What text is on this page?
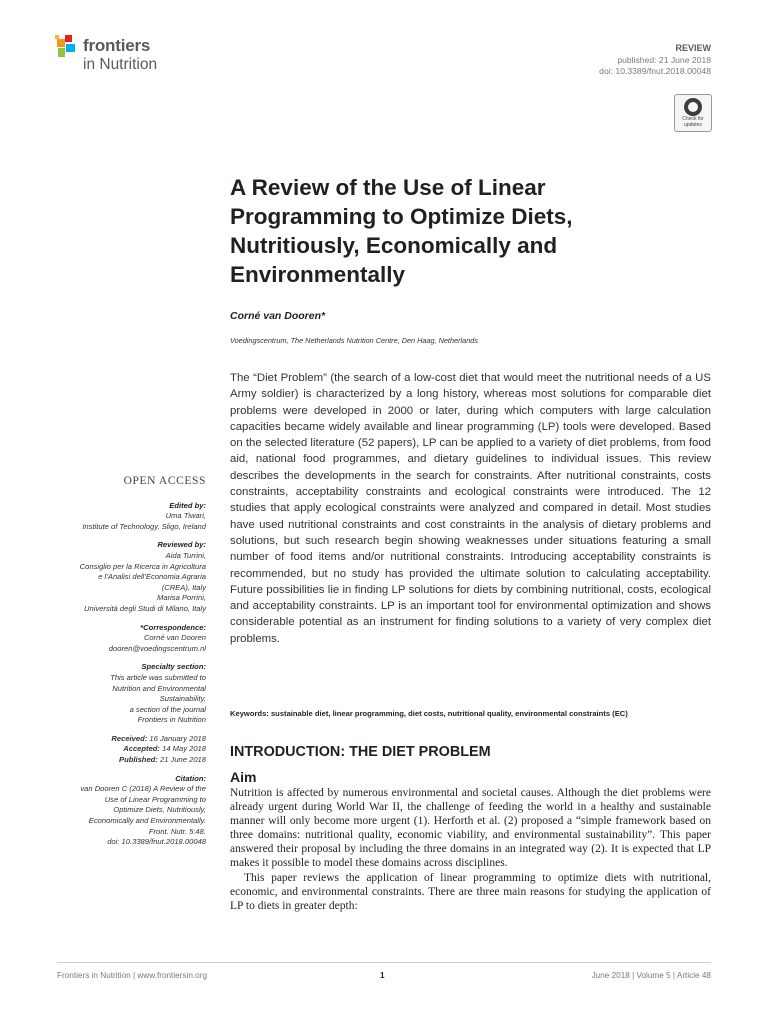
frontiers
in Nutrition
REVIEW
published: 21 June 2018
doi: 10.3389/fnut.2018.00048
Check for updates
A Review of the Use of Linear Programming to Optimize Diets, Nutritiously, Economically and Environmentally
Corné van Dooren*
Voedingscentrum, The Netherlands Nutrition Centre, Den Haag, Netherlands
The “Diet Problem” (the search of a low-cost diet that would meet the nutritional needs of a US Army soldier) is characterized by a long history, whereas most solutions for comparable diet problems were developed in 2000 or later, during which computers with large calculation capacities became widely available and linear programming (LP) tools were developed. Based on the selected literature (52 papers), LP can be applied to a variety of diet problems, from food aid, national food programmes, and dietary guidelines to individual issues. This review describes the developments in the search for constraints. After nutritional constraints, costs constraints, acceptability constraints and ecological constraints were introduced. The 12 studies that apply ecological constraints were analyzed and compared in detail. Most studies have used nutritional constraints and cost constraints in the analysis of dietary problems and solutions, but such research begin showing weaknesses under situations featuring a small number of food items and/or nutritional constraints. Introducing acceptability constraints is recommended, but no study has provided the ultimate solution to calculating acceptability. Future possibilities lie in finding LP solutions for diets by combining nutritional, costs, ecological and acceptability constraints. LP is an important tool for environmental optimization and shows considerable potential as an instrument for finding solutions to a variety of very complex diet problems.
Keywords: sustainable diet, linear programming, diet costs, nutritional quality, environmental constraints (EC)
INTRODUCTION: THE DIET PROBLEM
Aim

Nutrition is affected by numerous environmental and societal causes. Although the diet problems were already urgent during World War II, the challenge of feeding the world in a healthy and sustainable manner will only become more urgent (1). Herforth et al. (2) proposed a “simple framework based on three domains: nutritional quality, economic viability, and environmental sustainability”. This paper answered their proposal by including the three domains in an integrated way (2). It is expected that LP makes it possible to model these domains across disciplines.

This paper reviews the application of linear programming to optimize diets with nutritional, economic, and environmental constraints. There are three main reasons for studying the application of LP to diets in greater depth:

OPEN ACCESS
Edited by:
Uma Tiwari,
Institute of Technology, Sligo, Ireland
Reviewed by:
Aida Turrini,
Consiglio per la Ricerca in Agricoltura
e l’Analisi dell’Economia Agraria
(CREA), Italy
Marisa Porrini,
Università degli Studi di Milano, Italy
*Correspondence:
Corné van Dooren
dooren@voedingscentrum.nl
Specialty section:
This article was submitted to
Nutrition and Environmental
Sustainability,
a section of the journal
Frontiers in Nutrition
Received: 16 January 2018
Accepted: 14 May 2018
Published: 21 June 2018
Citation:
van Dooren C (2018) A Review of the
Use of Linear Programming to
Optimize Diets, Nutritiously,
Economically and Environmentally.
Front. Nutr. 5:48.
doi: 10.3389/fnut.2018.00048
Frontiers in Nutrition | www.frontiersin.org	1	June 2018 | Volume 5 | Article 48
